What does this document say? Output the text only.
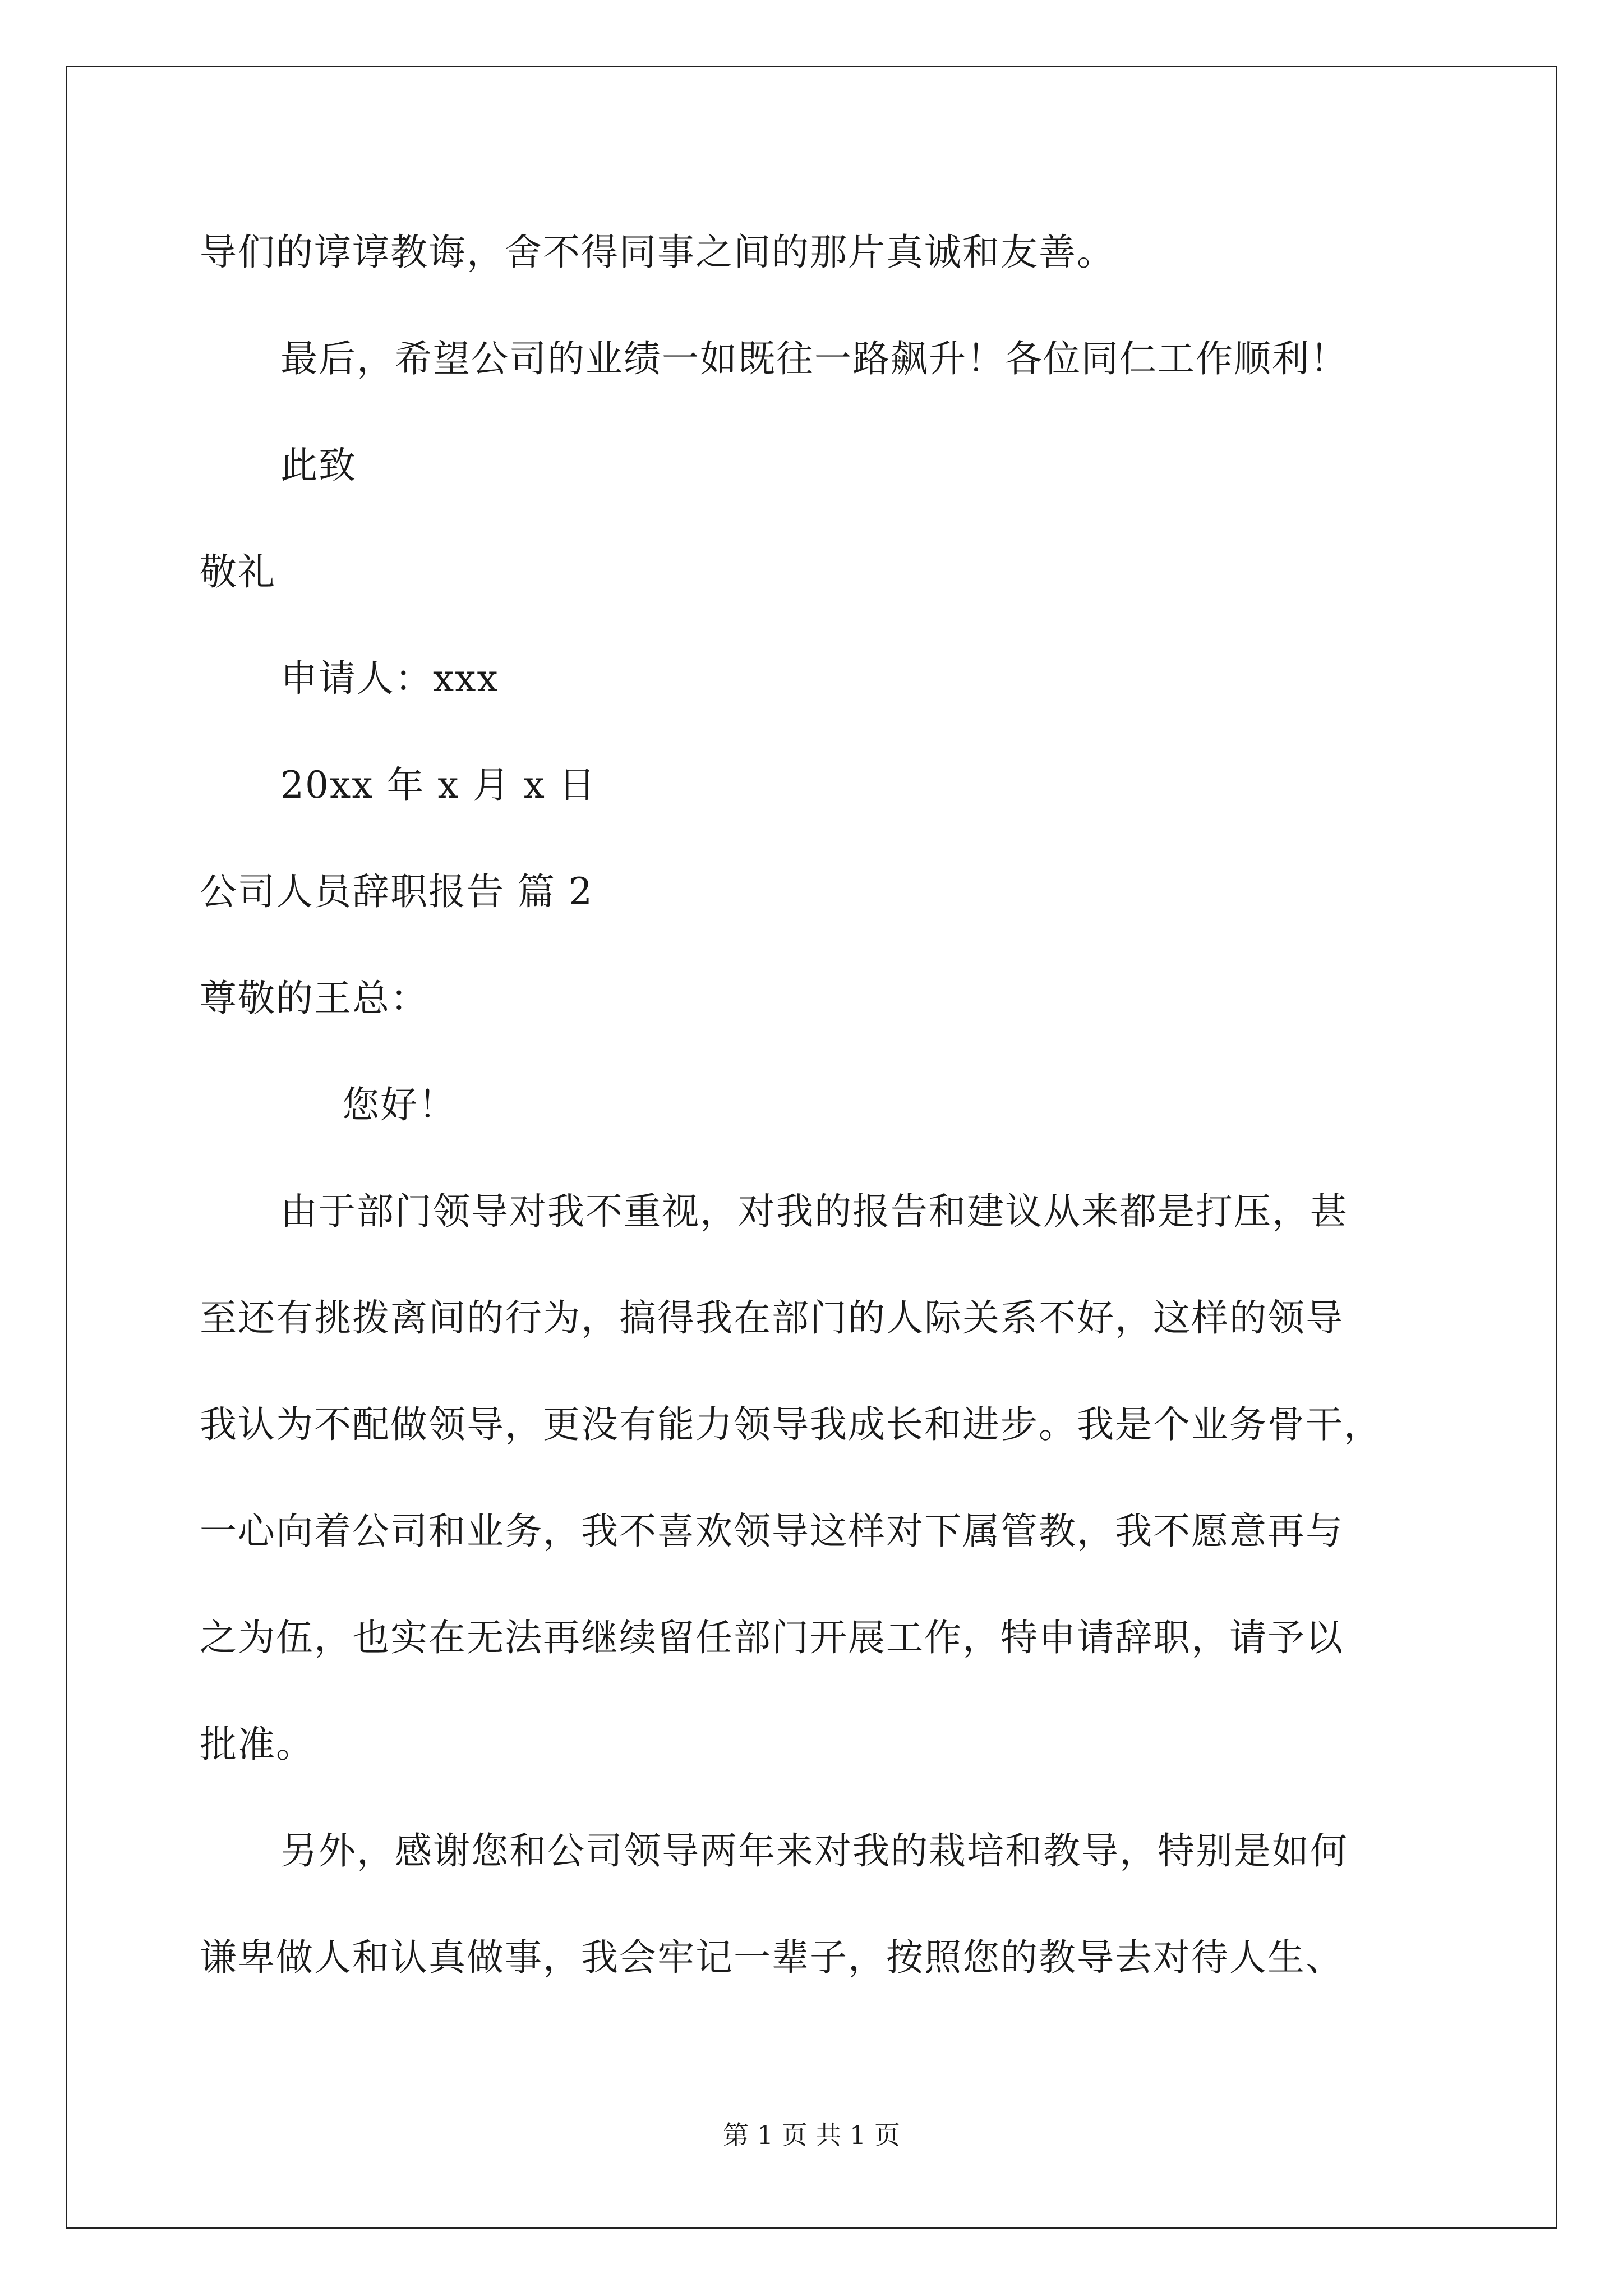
导们的谆谆教诲，舍不得同事之间的那片真诚和友善。
最后，希望公司的业绩一如既往一路飙升！各位同仁工作顺利！
此致
敬礼
申请人：xxx
20xx 年 x 月 x 日
公司人员辞职报告 篇 2
尊敬的王总：
您好！
由于部门领导对我不重视，对我的报告和建议从来都是打压，甚
至还有挑拨离间的行为，搞得我在部门的人际关系不好，这样的领导
我认为不配做领导，更没有能力领导我成长和进步。我是个业务骨干，
一心向着公司和业务，我不喜欢领导这样对下属管教，我不愿意再与
之为伍，也实在无法再继续留任部门开展工作，特申请辞职，请予以
批准。
另外，感谢您和公司领导两年来对我的栽培和教导，特别是如何
谦卑做人和认真做事，我会牢记一辈子，按照您的教导去对待人生、
第 1 页 共 1 页
